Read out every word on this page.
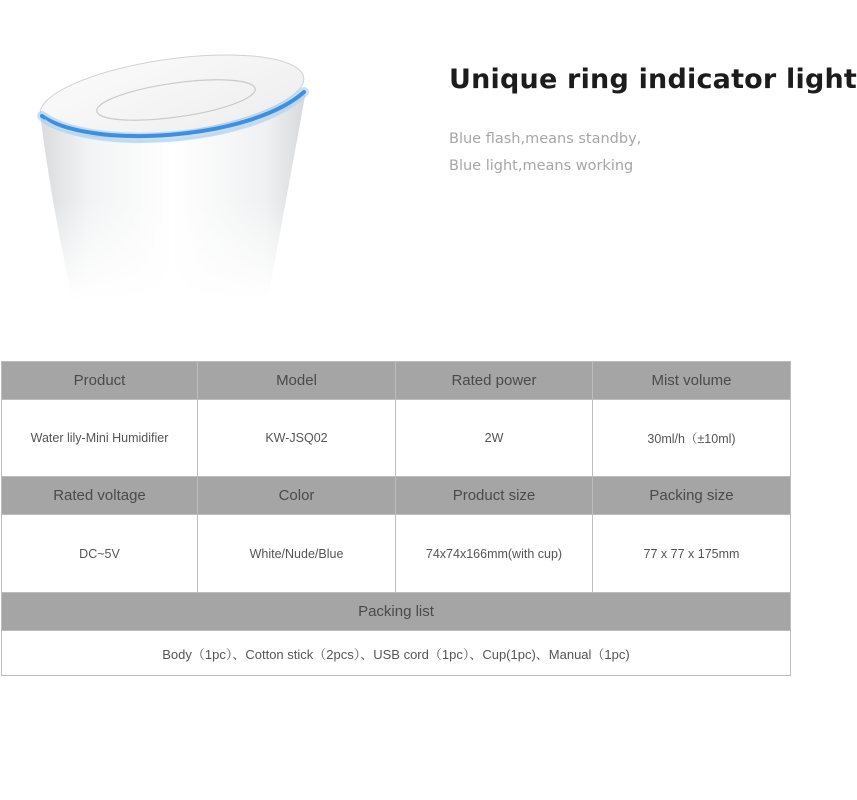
Unique ring indicator light
Blue flash,means standby,
Blue light,means working
Product	Model	Rated power	Mist volume
Water lily-Mini Humidifier	KW-JSQ02	2W	30ml/h（±10ml)
Rated voltage	Color	Product size	Packing size
DC~5V	White/Nude/Blue	74x74x166mm(with cup)	77 x 77 x 175mm
Packing list			
Body（1pc）、Cotton stick（2pcs）、USB cord（1pc）、Cup(1pc)、Manual（1pc)			
